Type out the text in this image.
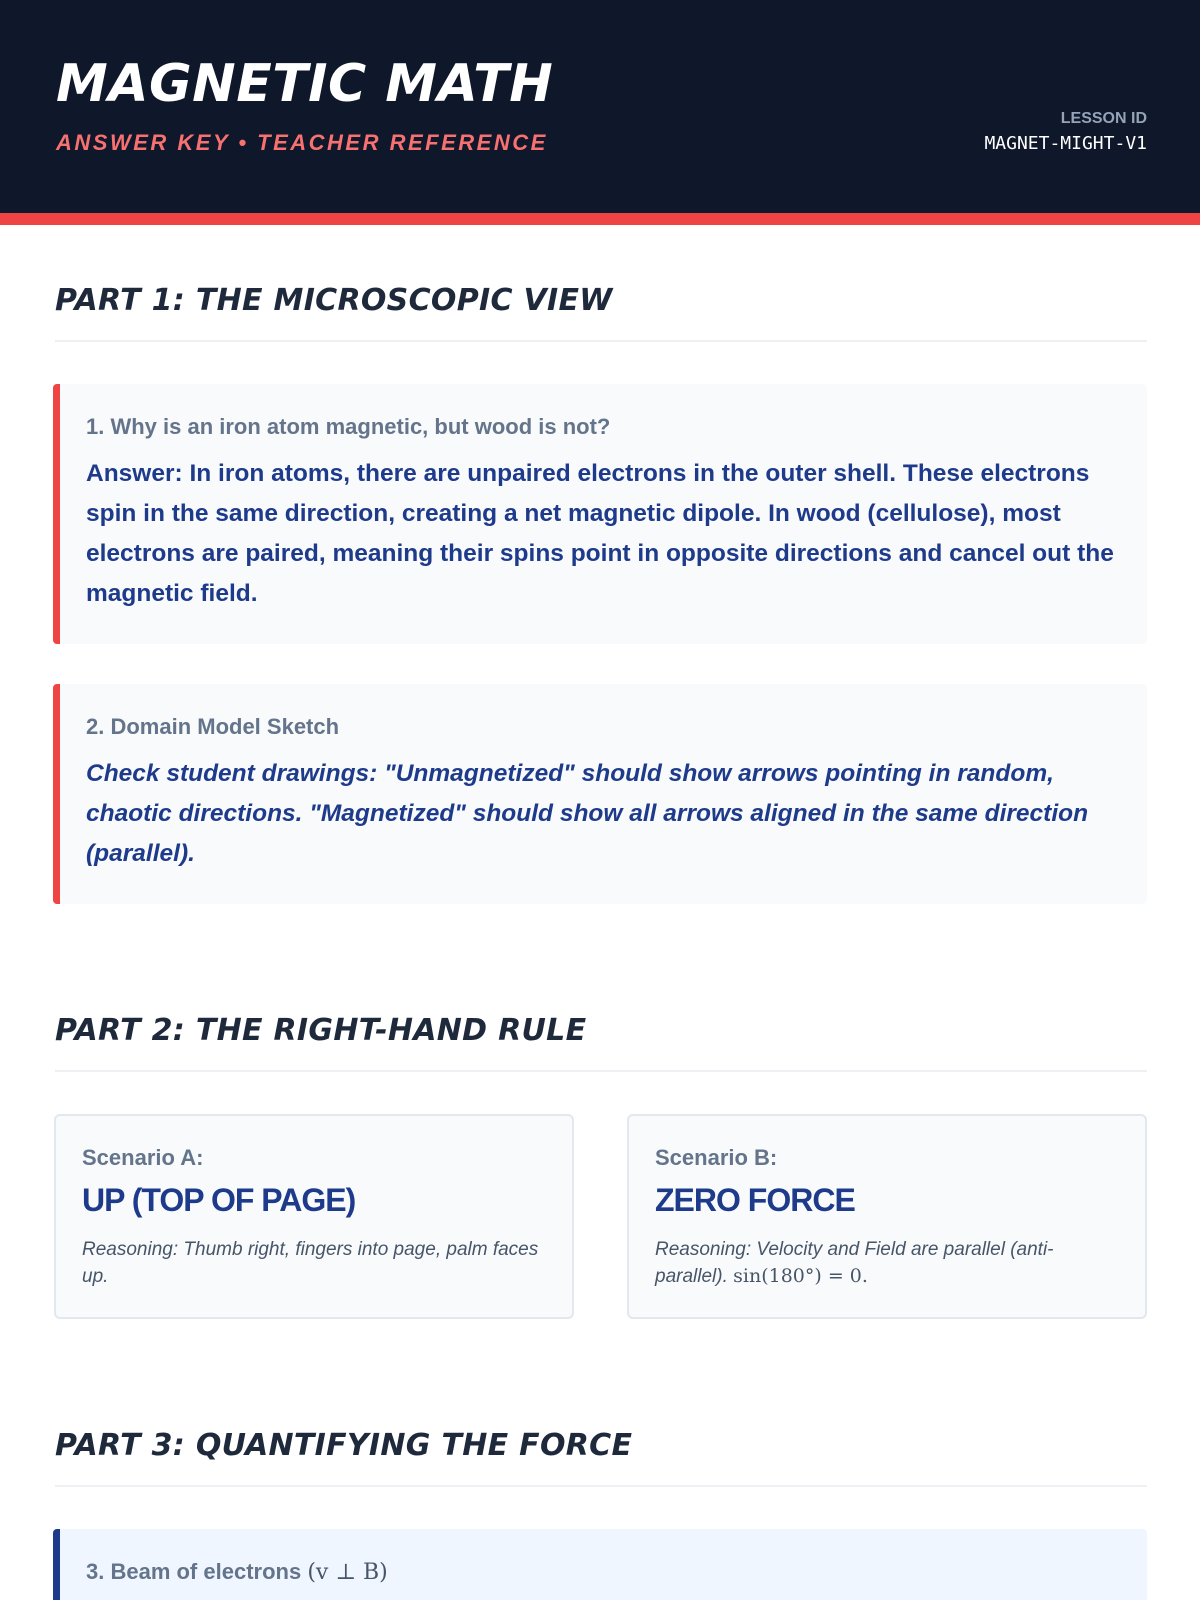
MAGNETIC MATH
ANSWER KEY • TEACHER REFERENCE
LESSON ID
MAGNET-MIGHT-V1
PART 1: THE MICROSCOPIC VIEW
1. Why is an iron atom magnetic, but wood is not?
Answer: In iron atoms, there are unpaired electrons in the outer shell. These electrons spin in the same direction, creating a net magnetic dipole. In wood (cellulose), most electrons are paired, meaning their spins point in opposite directions and cancel out the magnetic field.
2. Domain Model Sketch
Check student drawings: "Unmagnetized" should show arrows pointing in random, chaotic directions. "Magnetized" should show all arrows aligned in the same direction (parallel).
PART 2: THE RIGHT-HAND RULE
Scenario A:
UP (TOP OF PAGE)
Reasoning: Thumb right, fingers into page, palm faces up.
Scenario B:
ZERO FORCE
Reasoning: Velocity and Field are parallel (anti-parallel). sin(180°) = 0.
PART 3: QUANTIFYING THE FORCE
3. Beam of electrons (v ⊥ B)
